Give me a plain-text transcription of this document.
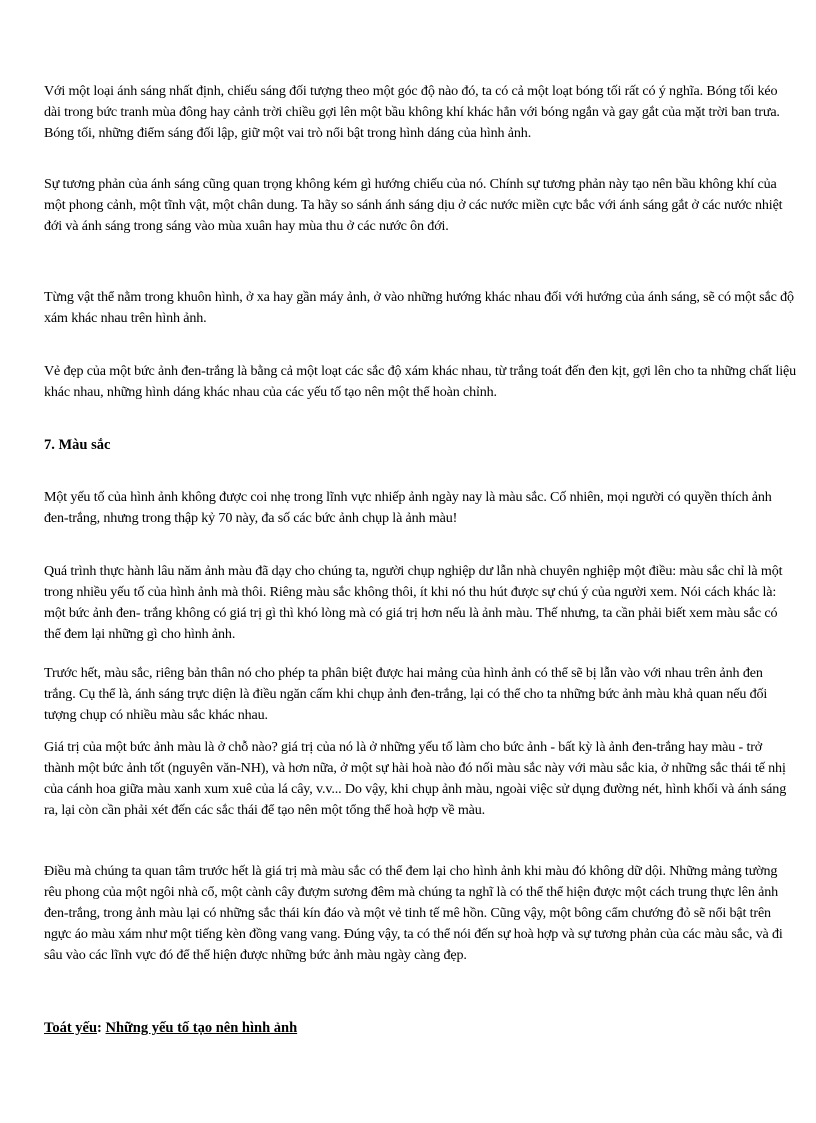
Với một loại ánh sáng nhất định, chiếu sáng đối tượng theo một góc độ nào đó, ta có cả một loạt bóng tối rất có ý nghĩa. Bóng tối kéo dài trong bức tranh mùa đông hay cảnh trời chiều gợi lên một bầu không khí khác hẳn với bóng ngắn và gay gắt của mặt trời ban trưa. Bóng tối, những điểm sáng đối lập, giữ một vai trò nổi bật trong hình dáng của hình ảnh.

Sự tương phản của ánh sáng cũng quan trọng không kém gì hướng chiếu của nó. Chính sự tương phản này tạo nên bầu không khí của một phong cảnh, một tĩnh vật, một chân dung. Ta hãy so sánh ánh sáng dịu ở các nước miền cực bắc với ánh sáng gắt ở các nước nhiệt đới và ánh sáng trong sáng vào mùa xuân hay mùa thu ở các nước ôn đới.

Từng vật thể nằm trong khuôn hình, ở xa hay gần máy ảnh, ở vào những hướng khác nhau đối với hướng của ánh sáng, sẽ có một sắc độ xám khác nhau trên hình ảnh.

Vẻ đẹp của một bức ảnh đen-trắng là bằng cả một loạt các sắc độ xám khác nhau, từ trắng toát đến đen kịt, gợi lên cho ta những chất liệu khác nhau, những hình dáng khác nhau của các yếu tố tạo nên một thể hoàn chỉnh.

7. Màu sắc

Một yếu tố của hình ảnh không được coi nhẹ trong lĩnh vực nhiếp ảnh ngày nay là màu sắc. Cố nhiên, mọi người có quyền thích ảnh đen-trắng, nhưng trong thập kỷ 70 này, đa số các bức ảnh chụp là ảnh màu!

Quá trình thực hành lâu năm ảnh màu đã dạy cho chúng ta, người chụp nghiệp dư lẫn nhà chuyên nghiệp một điều: màu sắc chỉ là một trong nhiều yếu tố của hình ảnh mà thôi. Riêng màu sắc không thôi, ít khi nó thu hút được sự chú ý của người xem. Nói cách khác là: một bức ảnh đen- trắng không có giá trị gì thì khó lòng mà có giá trị hơn nếu là ảnh màu. Thế nhưng, ta cần phải biết xem màu sắc có thể đem lại những gì cho hình ảnh.

Trước hết, màu sắc, riêng bản thân nó cho phép ta phân biệt được hai mảng của hình ảnh có thể sẽ bị lẫn vào với nhau trên ảnh đen trắng. Cụ thể là, ánh sáng trực diện là điều ngăn cấm khi chụp ảnh đen-trắng, lại có thể cho ta những bức ảnh màu khả quan nếu đối tượng chụp có nhiều màu sắc khác nhau.

Giá trị của một bức ảnh màu là ở chỗ nào? giá trị của nó là ở những yếu tố làm cho bức ảnh - bất kỳ là ảnh đen-trắng hay màu - trở thành một bức ảnh tốt (nguyên văn-NH), và hơn nữa, ở một sự hài hoà nào đó nối màu sắc này với màu sắc kia, ở những sắc thái tế nhị của cánh hoa giữa màu xanh xum xuê của lá cây, v.v... Do vậy, khi chụp ảnh màu, ngoài việc sử dụng đường nét, hình khối và ánh sáng ra, lại còn cần phải xét đến các sắc thái để tạo nên một tổng thể hoà hợp về màu.

Điều mà chúng ta quan tâm trước hết là giá trị mà màu sắc có thể đem lại cho hình ảnh khi màu đó không dữ dội. Những mảng tường rêu phong của một ngôi nhà cổ, một cành cây đượm sương đêm mà chúng ta nghĩ là có thể thể hiện được một cách trung thực lên ảnh đen-trắng, trong ảnh màu lại có những sắc thái kín đáo và một vẻ tinh tế mê hồn. Cũng vậy, một bông cẩm chướng đỏ sẽ nổi bật trên ngực áo màu xám như một tiếng kèn đồng vang vang. Đúng vậy, ta có thể nói đến sự hoà hợp và sự tương phản của các màu sắc, và đi sâu vào các lĩnh vực đó để thể hiện được những bức ảnh màu ngày càng đẹp.

Toát yếu: Những yếu tố tạo nên hình ảnh
